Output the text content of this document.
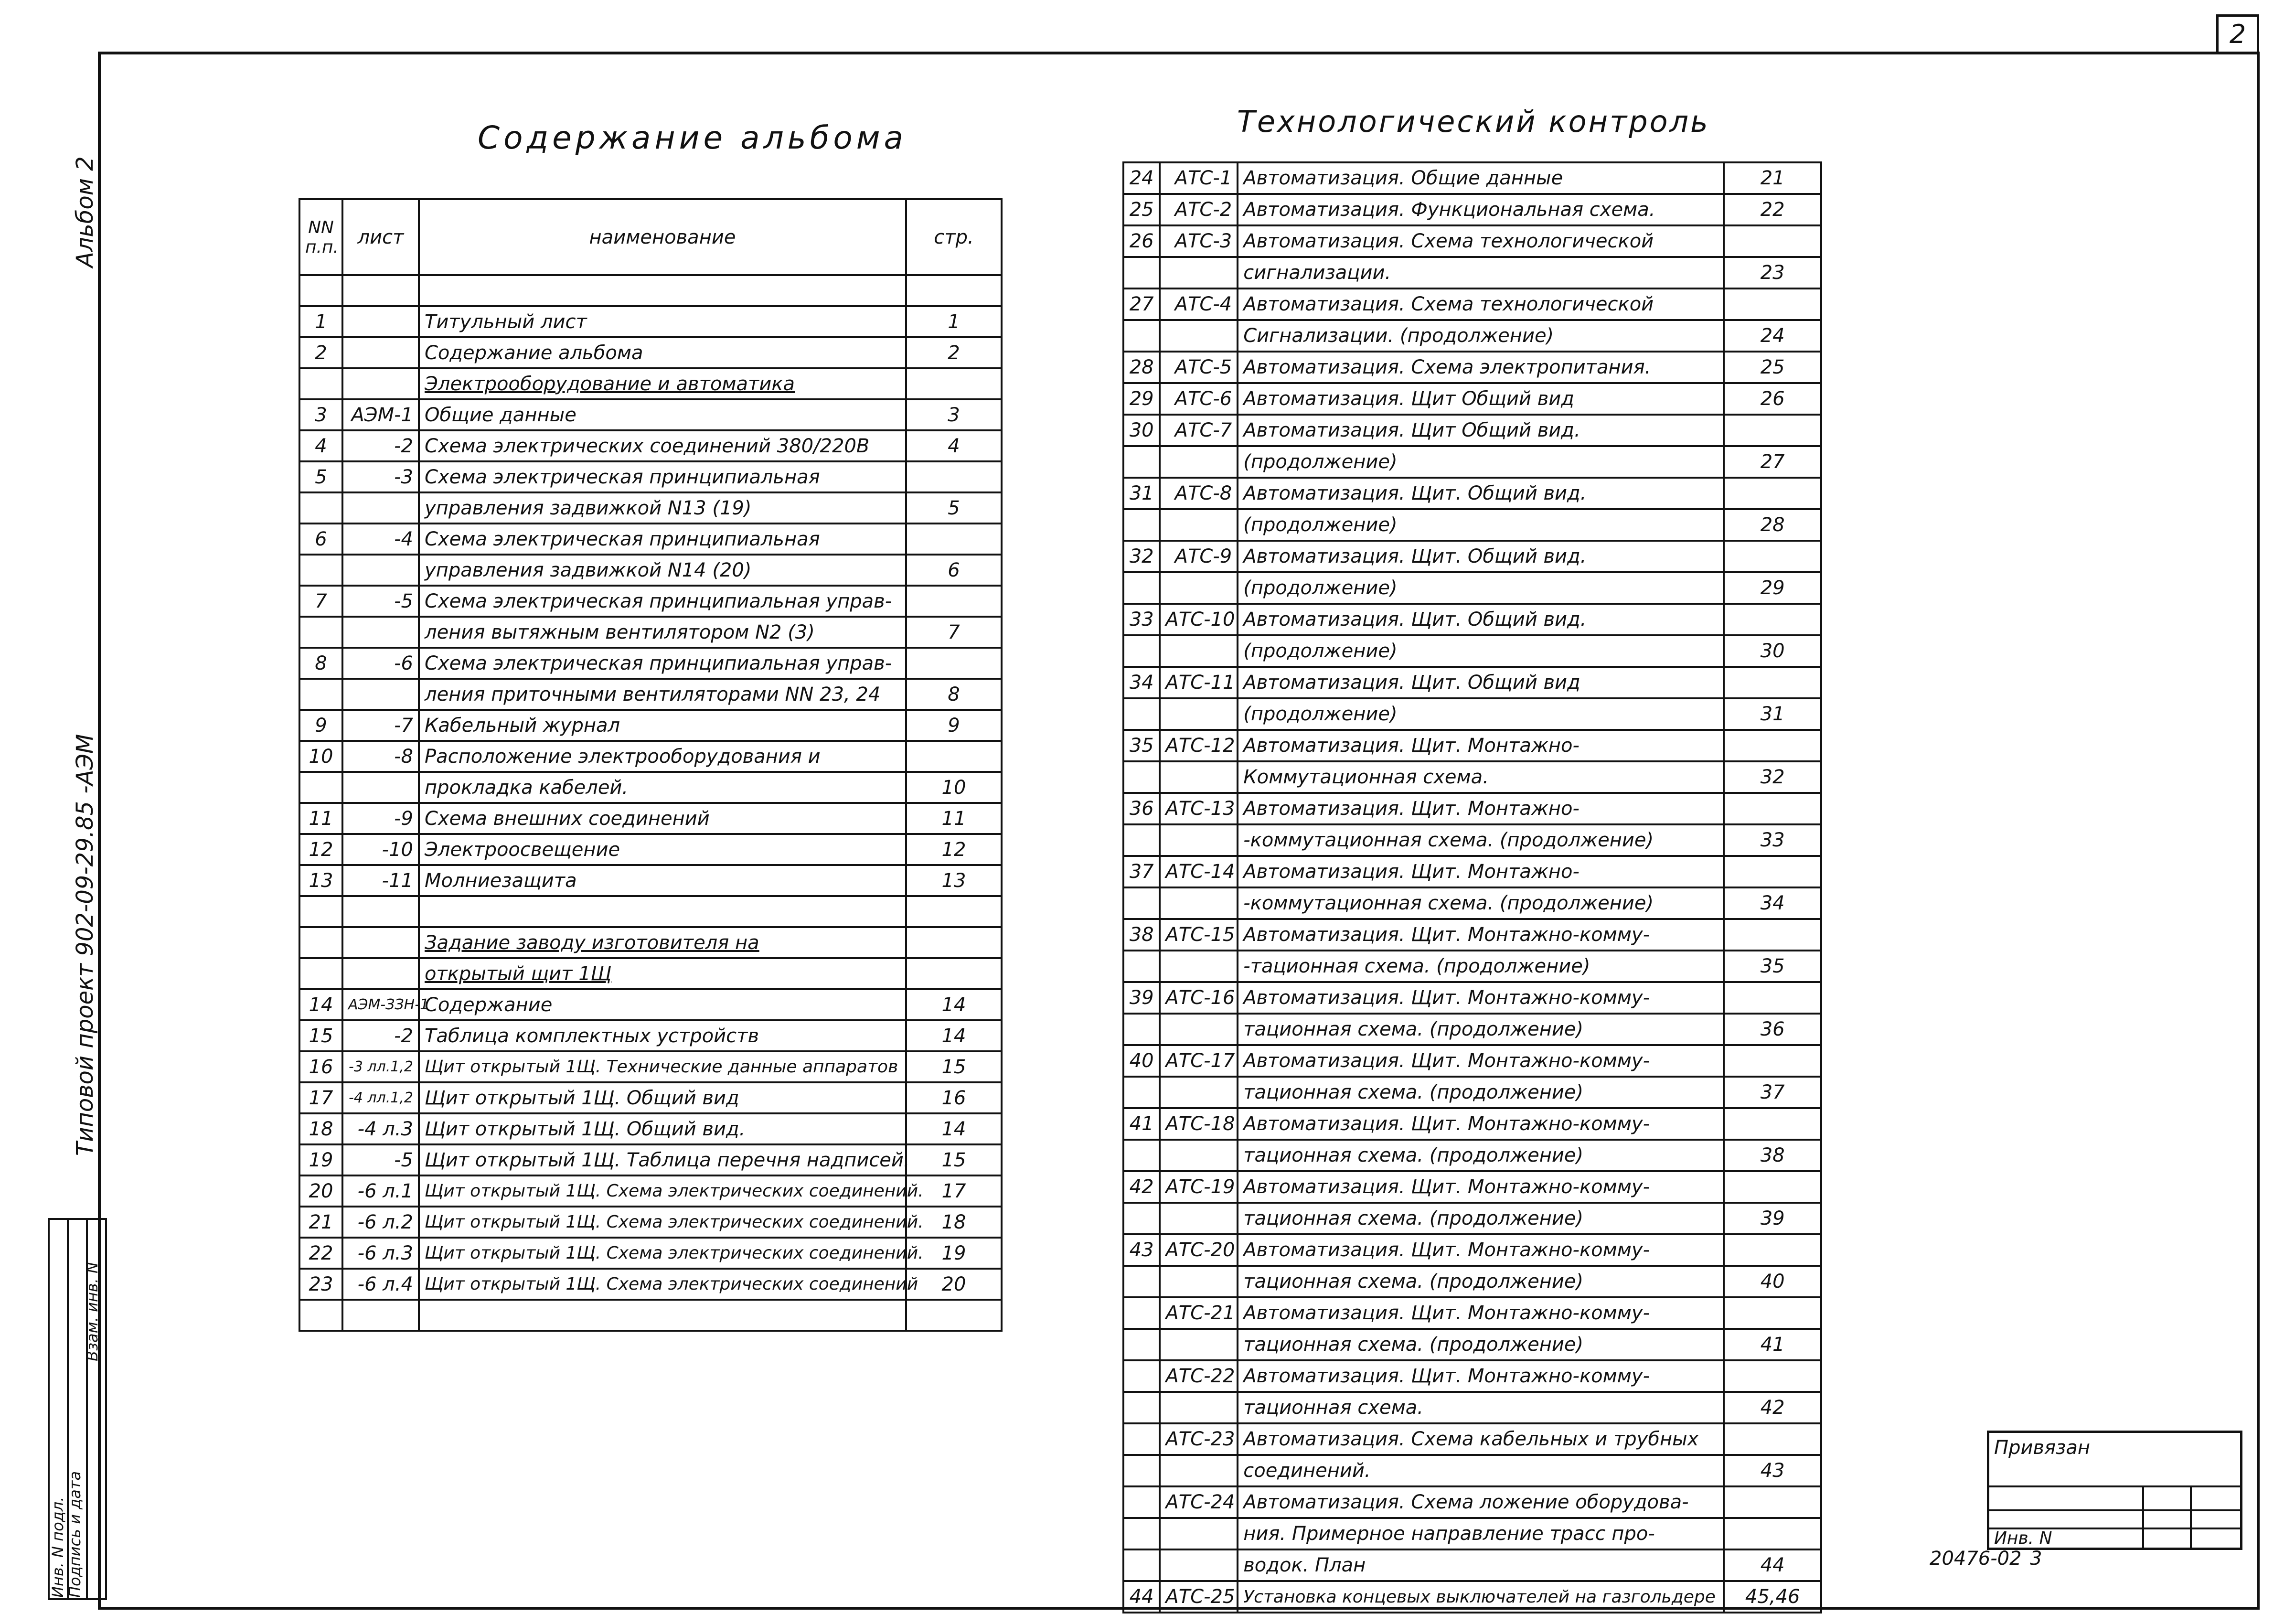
2
Альбом 2
Типовой проект 902-09-29.85 -АЭМ

Инв. N подл.
Подпись и дата
Взам. инв. N
Содержание альбома
NN п.п.	лист	наименование	стр.

1		Титульный лист	1
2		Содержание альбома	2
		Электрооборудование и автоматика	
3	АЭМ-1	Общие данные	3
4	-2	Схема электрических соединений 380/220В	4
5	-3	Схема электрическая принципиальная	
		управления задвижкой N13 (19)	5
6	-4	Схема электрическая принципиальная	
		управления задвижкой N14 (20)	6
7	-5	Схема электрическая принципиальная управ-	
		ления вытяжным вентилятором N2 (3)	7
8	-6	Схема электрическая принципиальная управ-	
		ления приточными вентиляторами NN 23, 24	8
9	-7	Кабельный журнал	9
10	-8	Расположение электрооборудования и	
		прокладка кабелей.	10
11	-9	Схема внешних соединений	11
12	-10	Электроосвещение	12
13	-11	Молниезащита	13

		Задание заводу изготовителя на	
		открытый щит 1Щ	
14	АЭМ-ЗЗН-1	Содержание	14
15	-2	Таблица комплектных устройств	14
16	-3 лл.1,2	Щит открытый 1Щ. Технические данные аппаратов	15
17	-4 лл.1,2	Щит открытый 1Щ. Общий вид	16
18	-4 л.3	Щит открытый 1Щ. Общий вид.	14
19	-5	Щит открытый 1Щ. Таблица перечня надписей.	15
20	-6 л.1	Щит открытый 1Щ. Схема электрических соединений.	17
21	-6 л.2	Щит открытый 1Щ. Схема электрических соединений.	18
22	-6 л.3	Щит открытый 1Щ. Схема электрических соединений.	19
23	-6 л.4	Щит открытый 1Щ. Схема электрических соединений	20

Технологический контроль
24	АТС-1	Автоматизация. Общие данные	21
25	АТС-2	Автоматизация. Функциональная схема.	22
26	АТС-3	Автоматизация. Схема технологической	
		сигнализации.	23
27	АТС-4	Автоматизация. Схема технологической	
		Сигнализации. (продолжение)	24
28	АТС-5	Автоматизация. Схема электропитания.	25
29	АТС-6	Автоматизация. Щит Общий вид	26
30	АТС-7	Автоматизация. Щит Общий вид.	
		(продолжение)	27
31	АТС-8	Автоматизация. Щит. Общий вид.	
		(продолжение)	28
32	АТС-9	Автоматизация. Щит. Общий вид.	
		(продолжение)	29
33	АТС-10	Автоматизация. Щит. Общий вид.	
		(продолжение)	30
34	АТС-11	Автоматизация. Щит. Общий вид	
		(продолжение)	31
35	АТС-12	Автоматизация. Щит. Монтажно-	
		Коммутационная схема.	32
36	АТС-13	Автоматизация. Щит. Монтажно-	
		-коммутационная схема. (продолжение)	33
37	АТС-14	Автоматизация. Щит. Монтажно-	
		-коммутационная схема. (продолжение)	34
38	АТС-15	Автоматизация. Щит. Монтажно-комму-	
		-тационная схема. (продолжение)	35
39	АТС-16	Автоматизация. Щит. Монтажно-комму-	
		тационная схема. (продолжение)	36
40	АТС-17	Автоматизация. Щит. Монтажно-комму-	
		тационная схема. (продолжение)	37
41	АТС-18	Автоматизация. Щит. Монтажно-комму-	
		тационная схема. (продолжение)	38
42	АТС-19	Автоматизация. Щит. Монтажно-комму-	
		тационная схема. (продолжение)	39
43	АТС-20	Автоматизация. Щит. Монтажно-комму-	
		тационная схема. (продолжение)	40
	АТС-21	Автоматизация. Щит. Монтажно-комму-	
		тационная схема. (продолжение)	41
	АТС-22	Автоматизация. Щит. Монтажно-комму-	
		тационная схема.	42
	АТС-23	Автоматизация. Схема кабельных и трубных	
		соединений.	43
	АТС-24	Автоматизация. Схема ложение оборудова-	
		ния. Примерное направление трасс про-	
		водок. План	44
44	АТС-25	Установка концевых выключателей на газгольдере	45,46
Привязан
Инв. N
20476-02 3
